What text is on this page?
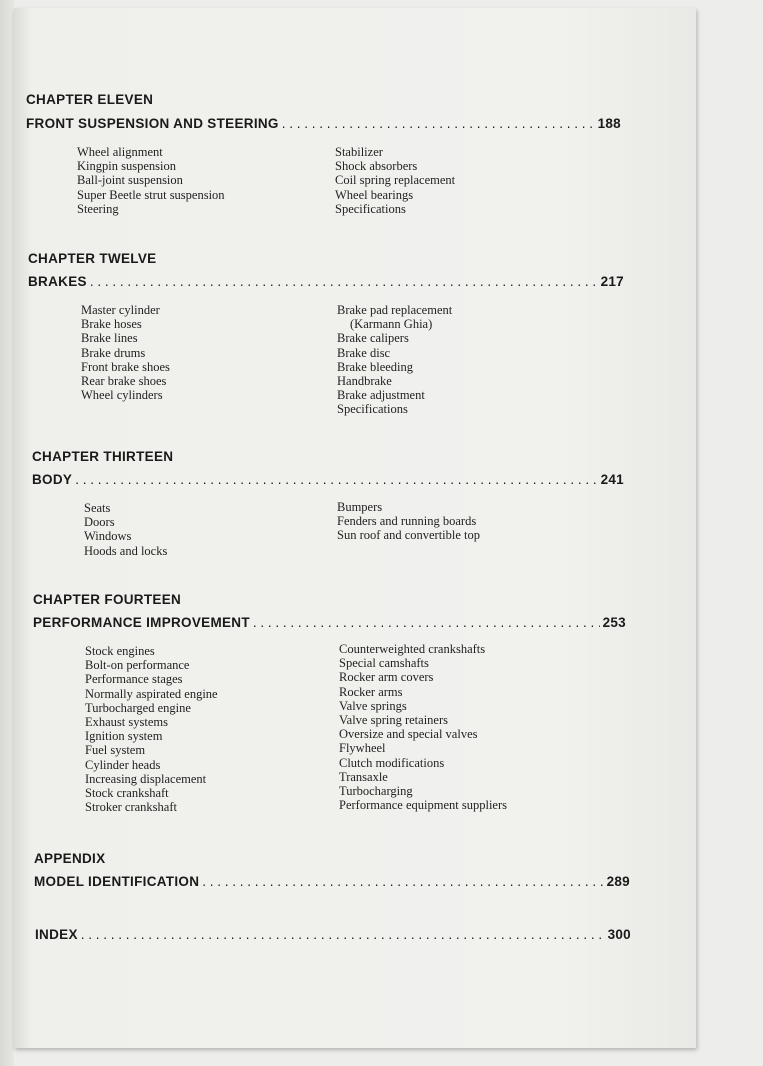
CHAPTER ELEVEN
FRONT SUSPENSION AND STEERING . . .	188
Wheel alignment
Kingpin suspension
Ball-joint suspension
Super Beetle strut suspension
Steering
Stabilizer
Shock absorbers
Coil spring replacement
Wheel bearings
Specifications
CHAPTER TWELVE
BRAKES . . .	217
Master cylinder
Brake hoses
Brake lines
Brake drums
Front brake shoes
Rear brake shoes
Wheel cylinders
Brake pad replacement
(Karmann Ghia)
Brake calipers
Brake disc
Brake bleeding
Handbrake
Brake adjustment
Specifications
CHAPTER THIRTEEN
BODY . . .	241
Seats
Doors
Windows
Hoods and locks
Bumpers
Fenders and running boards
Sun roof and convertible top
CHAPTER FOURTEEN
PERFORMANCE IMPROVEMENT . . .	253
Stock engines
Bolt-on performance
Performance stages
Normally aspirated engine
Turbocharged engine
Exhaust systems
Ignition system
Fuel system
Cylinder heads
Increasing displacement
Stock crankshaft
Stroker crankshaft
Counterweighted crankshafts
Special camshafts
Rocker arm covers
Rocker arms
Valve springs
Valve spring retainers
Oversize and special valves
Flywheel
Clutch modifications
Transaxle
Turbocharging
Performance equipment suppliers
APPENDIX
MODEL IDENTIFICATION . . .	289
INDEX . . .	300
